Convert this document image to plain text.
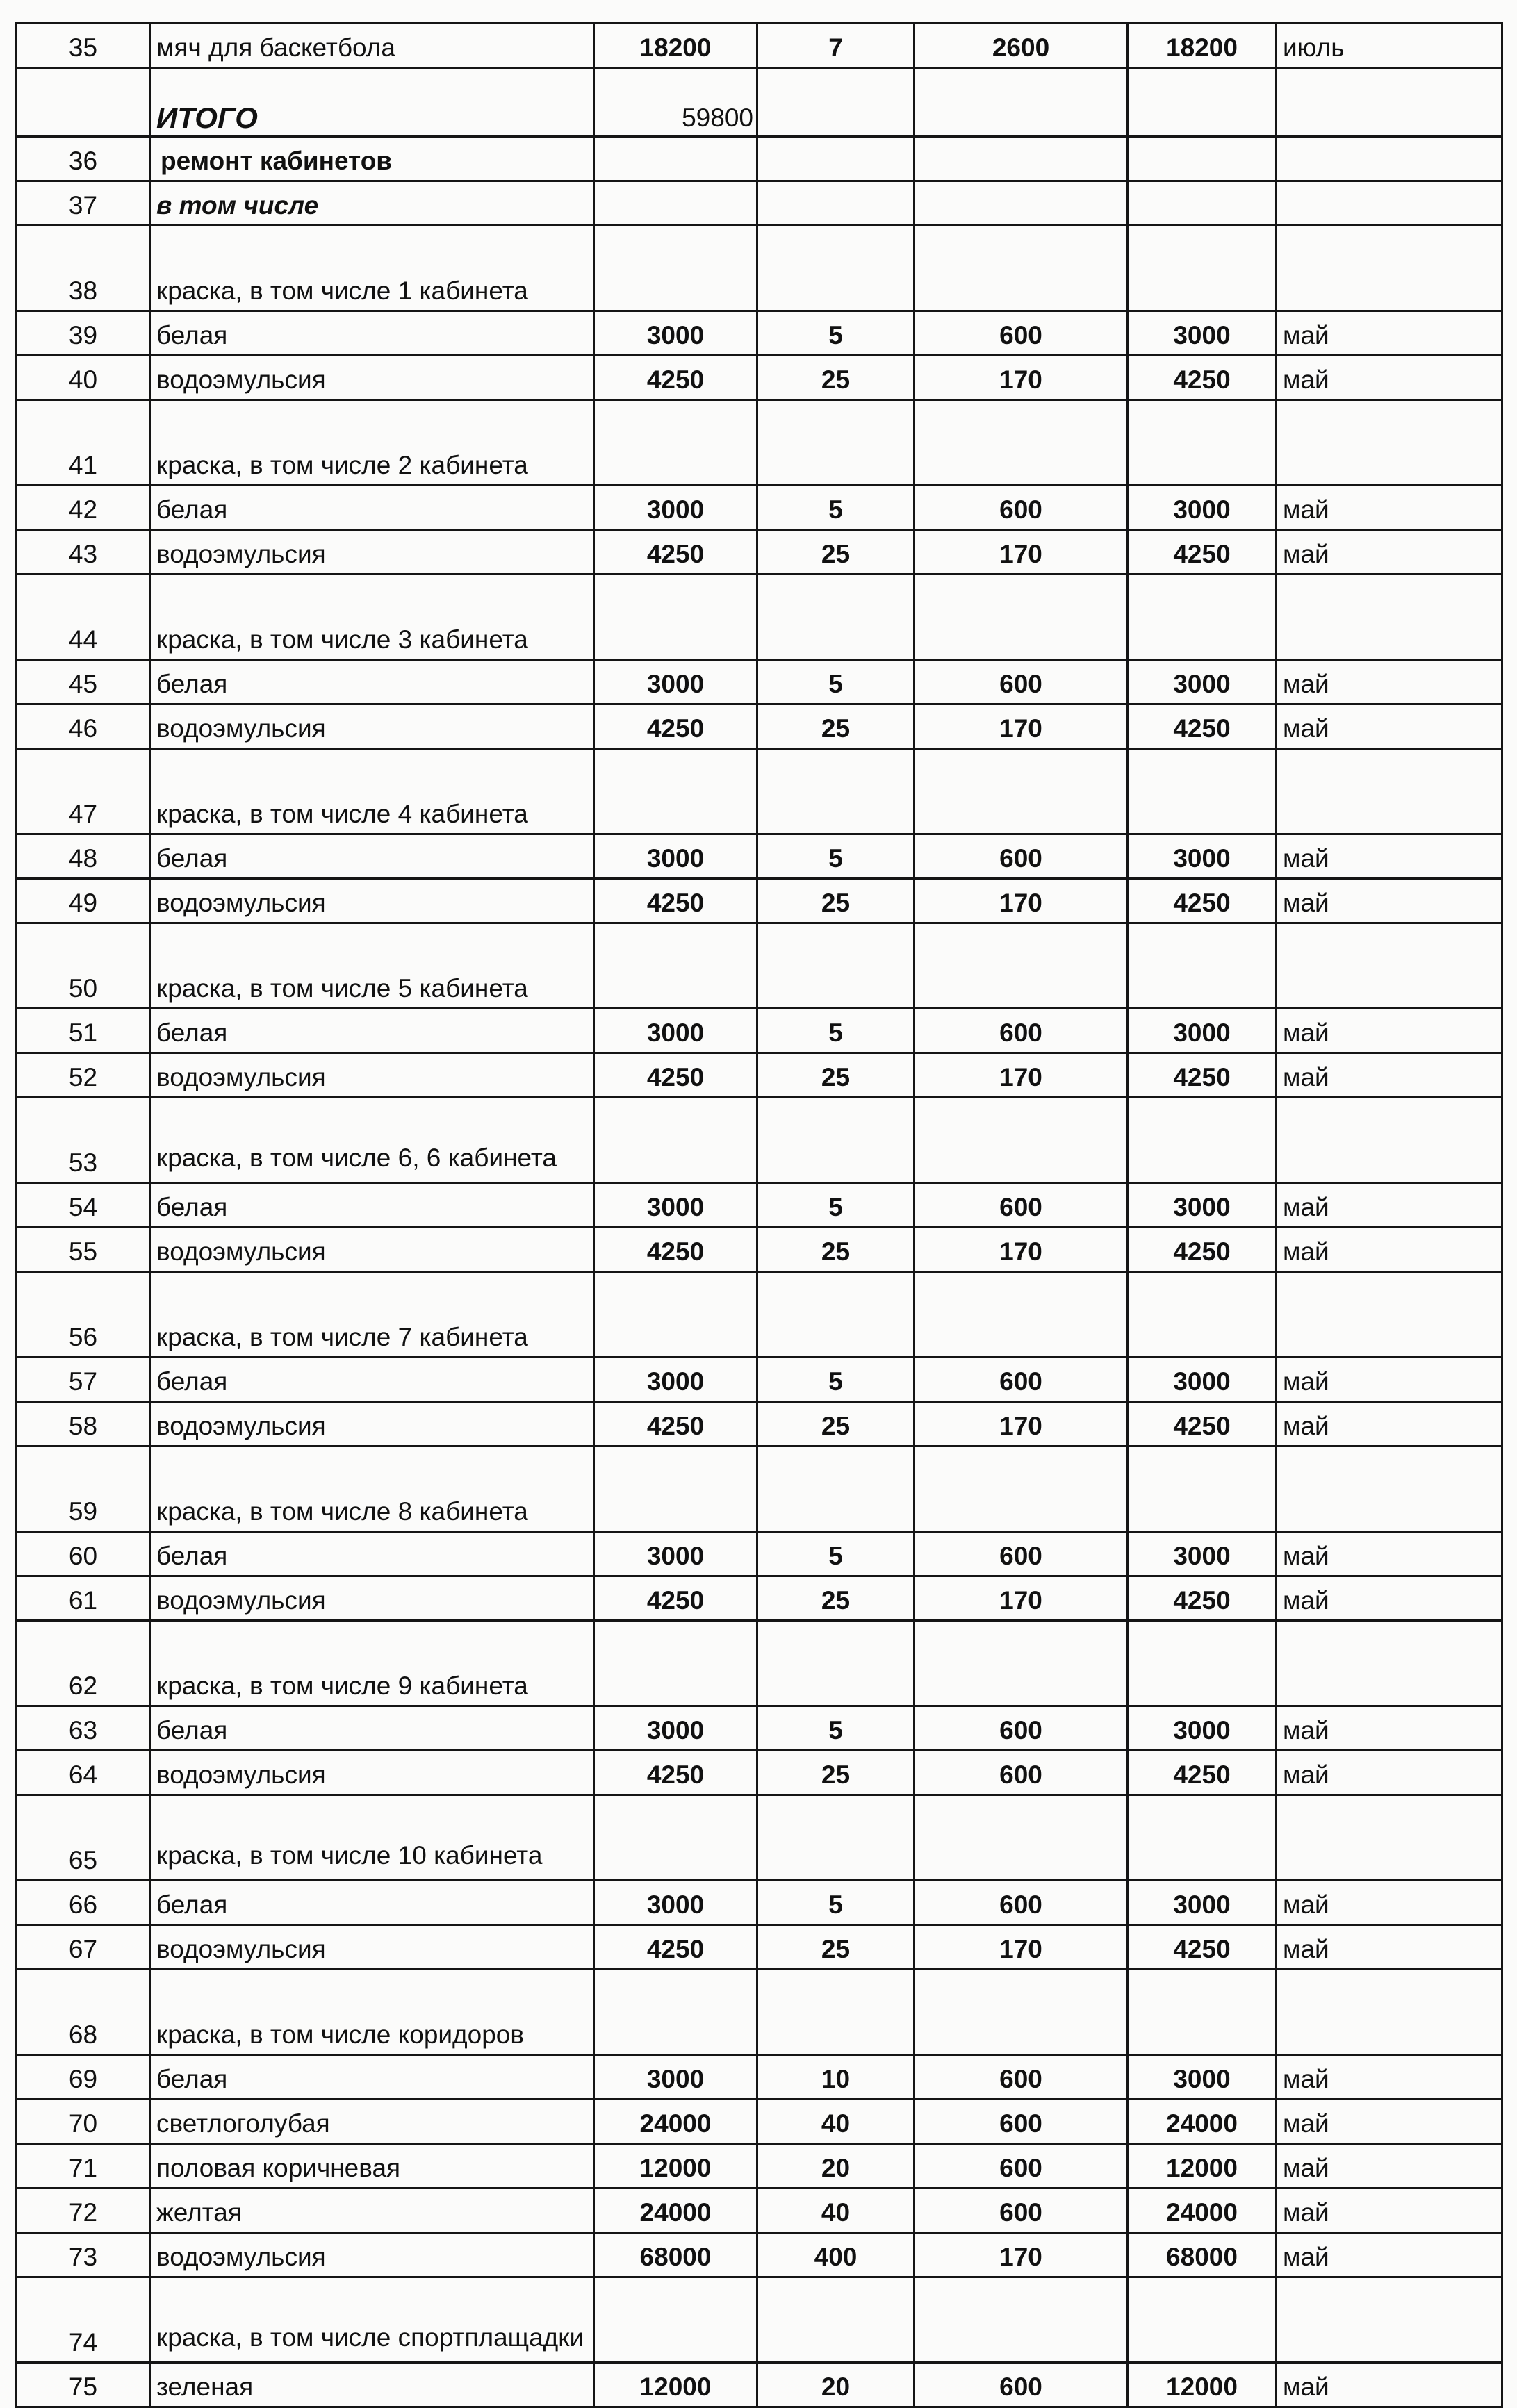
35	мяч для баскетбола	18200	7	2600	18200	июль
	ИТОГО	59800				
36	ремонт кабинетов					
37	в том числе					
38	краска, в том числе 1 кабинета					
39	белая	3000	5	600	3000	май
40	водоэмульсия	4250	25	170	4250	май
41	краска, в том числе 2 кабинета					
42	белая	3000	5	600	3000	май
43	водоэмульсия	4250	25	170	4250	май
44	краска, в том числе 3 кабинета					
45	белая	3000	5	600	3000	май
46	водоэмульсия	4250	25	170	4250	май
47	краска, в том числе 4 кабинета					
48	белая	3000	5	600	3000	май
49	водоэмульсия	4250	25	170	4250	май
50	краска, в том числе 5 кабинета					
51	белая	3000	5	600	3000	май
52	водоэмульсия	4250	25	170	4250	май
53	краска, в том числе 6, 6 кабинета					
54	белая	3000	5	600	3000	май
55	водоэмульсия	4250	25	170	4250	май
56	краска, в том числе 7 кабинета					
57	белая	3000	5	600	3000	май
58	водоэмульсия	4250	25	170	4250	май
59	краска, в том числе 8 кабинета					
60	белая	3000	5	600	3000	май
61	водоэмульсия	4250	25	170	4250	май
62	краска, в том числе 9 кабинета					
63	белая	3000	5	600	3000	май
64	водоэмульсия	4250	25	600	4250	май
65	краска, в том числе 10 кабинета					
66	белая	3000	5	600	3000	май
67	водоэмульсия	4250	25	170	4250	май
68	краска, в том числе коридоров					
69	белая	3000	10	600	3000	май
70	светлоголубая	24000	40	600	24000	май
71	половая коричневая	12000	20	600	12000	май
72	желтая	24000	40	600	24000	май
73	водоэмульсия	68000	400	170	68000	май
74	краска, в том числе спортплащадки					
75	зеленая	12000	20	600	12000	май
